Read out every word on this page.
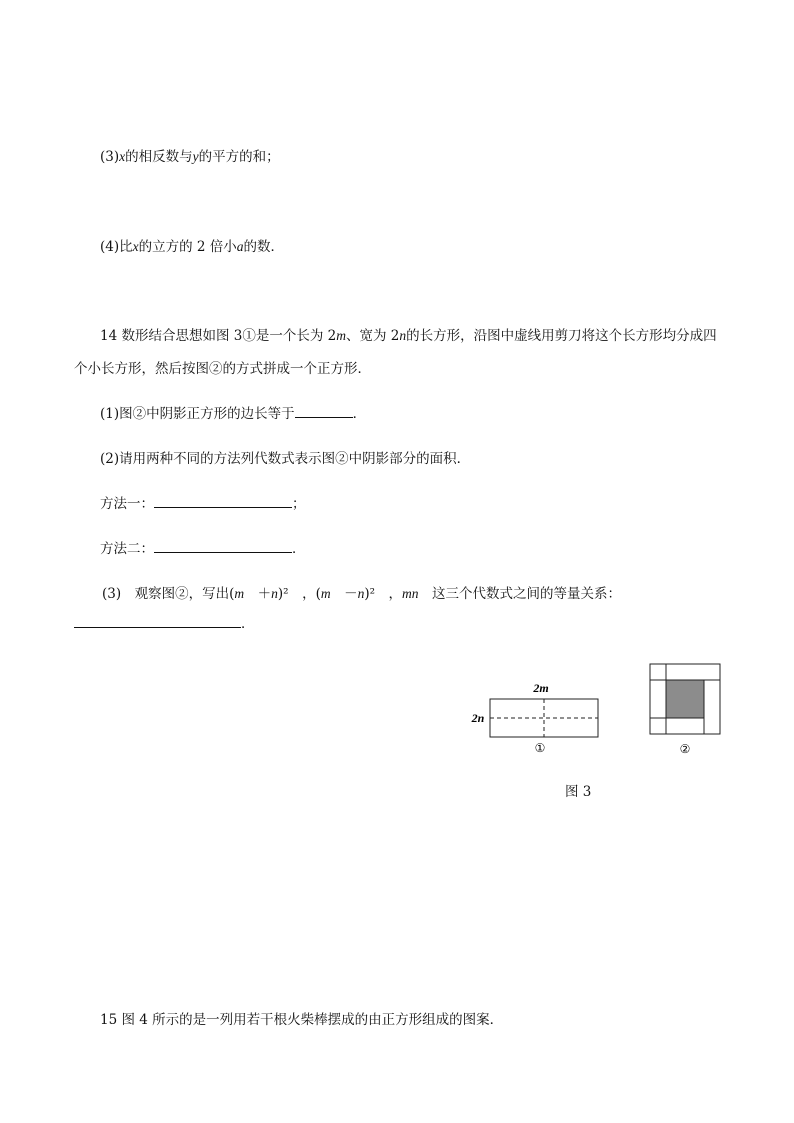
(3)x的相反数与y的平方的和；
(4)比x的立方的 2 倍小a的数．
14 数形结合思想如图 3①是一个长为 2m、宽为 2n的长方形，沿图中虚线用剪刀将这个长方形均分成四
个小长方形，然后按图②的方式拼成一个正方形．
(1)图②中阴影正方形的边长等于	．
(2)请用两种不同的方法列代数式表示图②中阴影部分的面积．
方法一：	；
方法二：	．
(3)　观察图②，写出(m　 ＋n)²　，(m　 －n)²　，mn　这三个代数式之间的等量关系：
．
2m
2n
①	②
图 3
15 图 4 所示的是一列用若干根火柴棒摆成的由正方形组成的图案．
